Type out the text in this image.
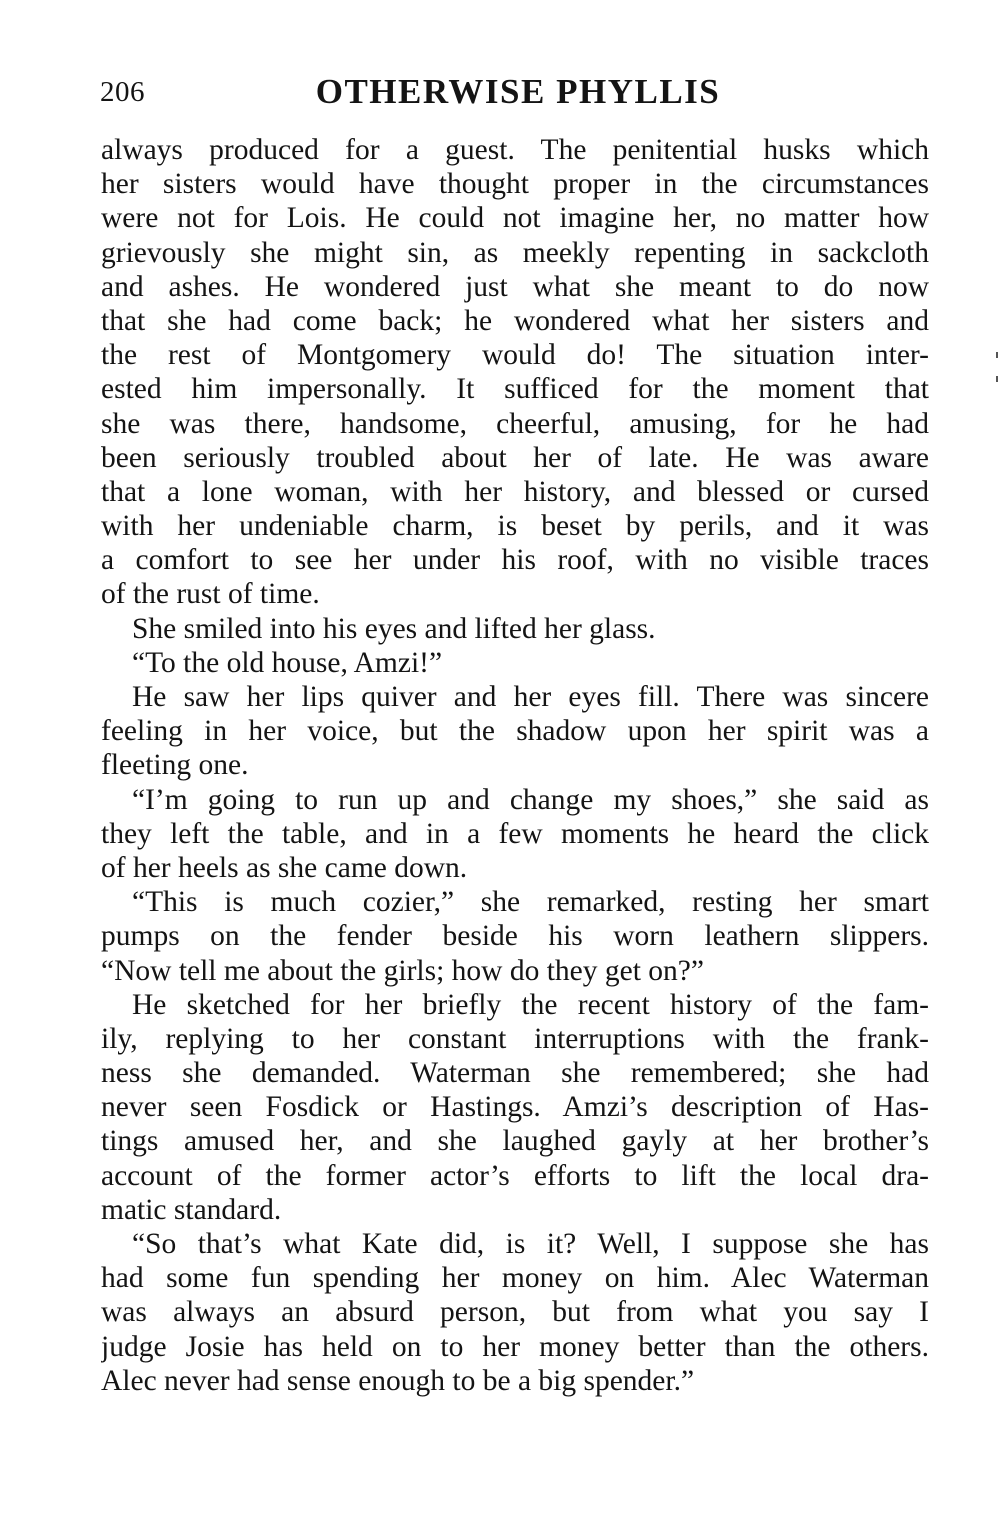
206	OTHERWISE PHYLLIS
always produced for a guest. The penitential husks which
her sisters would have thought proper in the circumstances
were not for Lois. He could not imagine her, no matter how
grievously she might sin, as meekly repenting in sackcloth
and ashes. He wondered just what she meant to do now
that she had come back; he wondered what her sisters and
the rest of Montgomery would do! The situation inter-
ested him impersonally. It sufficed for the moment that
she was there, handsome, cheerful, amusing, for he had
been seriously troubled about her of late. He was aware
that a lone woman, with her history, and blessed or cursed
with her undeniable charm, is beset by perils, and it was
a comfort to see her under his roof, with no visible traces
of the rust of time.
She smiled into his eyes and lifted her glass.
“To the old house, Amzi!”
He saw her lips quiver and her eyes fill. There was sincere
feeling in her voice, but the shadow upon her spirit was a
fleeting one.
“I’m going to run up and change my shoes,” she said as
they left the table, and in a few moments he heard the click
of her heels as she came down.
“This is much cozier,” she remarked, resting her smart
pumps on the fender beside his worn leathern slippers.
“Now tell me about the girls; how do they get on?”
He sketched for her briefly the recent history of the fam-
ily, replying to her constant interruptions with the frank-
ness she demanded. Waterman she remembered; she had
never seen Fosdick or Hastings. Amzi’s description of Has-
tings amused her, and she laughed gayly at her brother’s
account of the former actor’s efforts to lift the local dra-
matic standard.
“So that’s what Kate did, is it? Well, I suppose she has
had some fun spending her money on him. Alec Waterman
was always an absurd person, but from what you say I
judge Josie has held on to her money better than the others.
Alec never had sense enough to be a big spender.”
